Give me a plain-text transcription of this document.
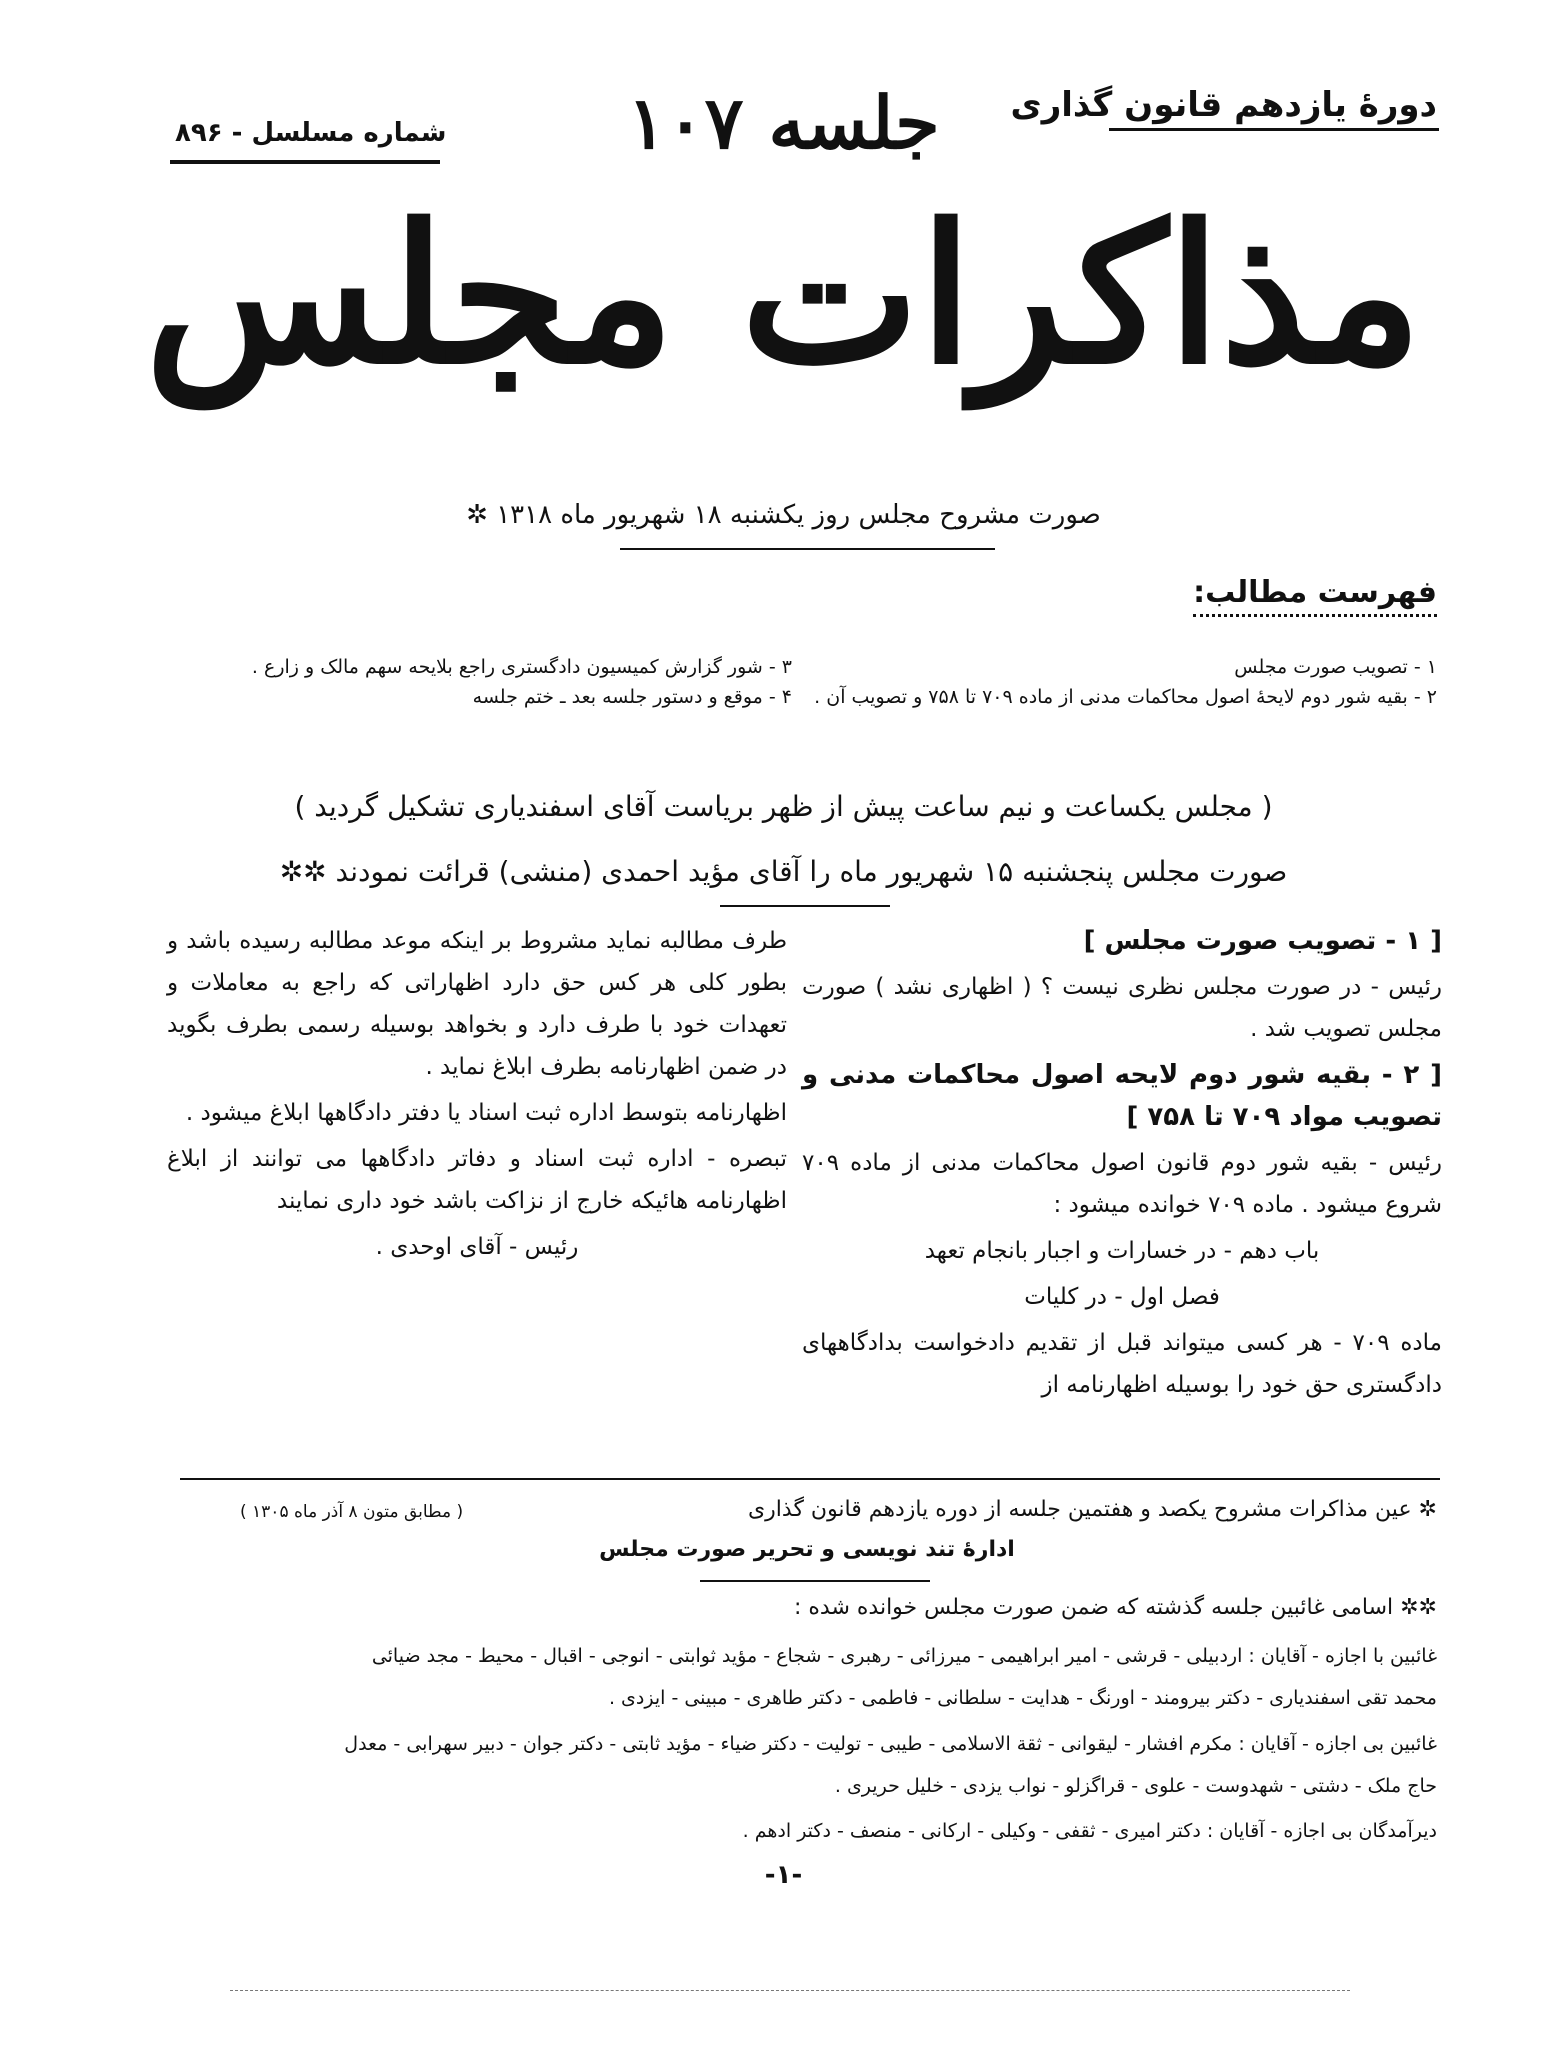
دورهٔ یازدهم قانون گذاری
جلسه ۱۰۷
شماره مسلسل - ۸۹۶
مذاکرات مجلس
صورت مشروح مجلس روز یکشنبه ۱۸ شهریور ماه ۱۳۱۸ ✲
فهرست مطالب:
۱ - تصویب صورت مجلس
۲ - بقیه شور دوم لایحهٔ اصول محاکمات مدنی از ماده ۷۰۹ تا ۷۵۸ و تصویب آن .
۳ - شور گزارش کمیسیون دادگستری راجع بلایحه سهم مالک و زارع .
۴ - موقع و دستور جلسه بعد ـ ختم جلسه
( مجلس یکساعت و نیم ساعت پیش از ظهر بریاست آقای اسفندیاری تشکیل گردید )
صورت مجلس پنجشنبه ۱۵ شهریور ماه را آقای مؤید احمدی (منشی) قرائت نمودند ✲✲

[ ۱ - تصویب صورت مجلس ]

رئیس - در صورت مجلس نظری نیست ؟ ( اظهاری نشد ) صورت مجلس تصویب شد .

[ ۲ - بقیه شور دوم لایحه اصول محاکمات مدنی و تصویب مواد ۷۰۹ تا ۷۵۸ ]

رئیس - بقیه شور دوم قانون اصول محاکمات مدنی از ماده ۷۰۹ شروع میشود . ماده ۷۰۹ خوانده میشود :

باب دهم - در خسارات و اجبار بانجام تعهد

فصل اول - در کلیات

ماده ۷۰۹ - هر کسی میتواند قبل از تقدیم دادخواست بدادگاههای دادگستری حق خود را بوسیله اظهارنامه از

طرف مطالبه نماید مشروط بر اینکه موعد مطالبه رسیده باشد و بطور کلی هر کس حق دارد اظهاراتی که راجع به معاملات و تعهدات خود با طرف دارد و بخواهد بوسیله رسمی بطرف بگوید در ضمن اظهارنامه بطرف ابلاغ نماید .

اظهارنامه بتوسط اداره ثبت اسناد یا دفتر دادگاهها ابلاغ میشود .

تبصره - اداره ثبت اسناد و دفاتر دادگاهها می توانند از ابلاغ اظهارنامه هائیکه خارج از نزاکت باشد خود داری نمایند

رئیس - آقای اوحدی .

✲ عین مذاکرات مشروح یکصد و هفتمین جلسه از دوره یازدهم قانون گذاری
( مطابق متون ۸ آذر ماه ۱۳۰۵ )
ادارهٔ تند نویسی و تحریر صورت مجلس
✲✲ اسامی غائبین جلسه گذشته که ضمن صورت مجلس خوانده شده :
غائبین با اجازه - آقایان : اردبیلی - قرشی - امیر ابراهیمی - میرزائی - رهبری - شجاع - مؤید ثوابتی - انوجی - اقبال - محیط - مجد ضیائی
محمد تقی اسفندیاری - دکتر بیرومند - اورنگ - هدایت - سلطانی - فاطمی - دکتر طاهری - مبینی - ایزدی .
غائبین بی اجازه - آقایان : مکرم افشار - لیقوانی - ثقة الاسلامی - طیبی - تولیت - دکتر ضیاء - مؤید ثابتی - دکتر جوان - دبیر سهرابی - معدل
حاج ملک - دشتی - شهدوست - علوی - قراگزلو - نواب یزدی - خلیل حریری .
دیرآمدگان بی اجازه - آقایان : دکتر امیری - ثقفی - وکیلی - ارکانی - منصف - دکتر ادهم .
-۱-
